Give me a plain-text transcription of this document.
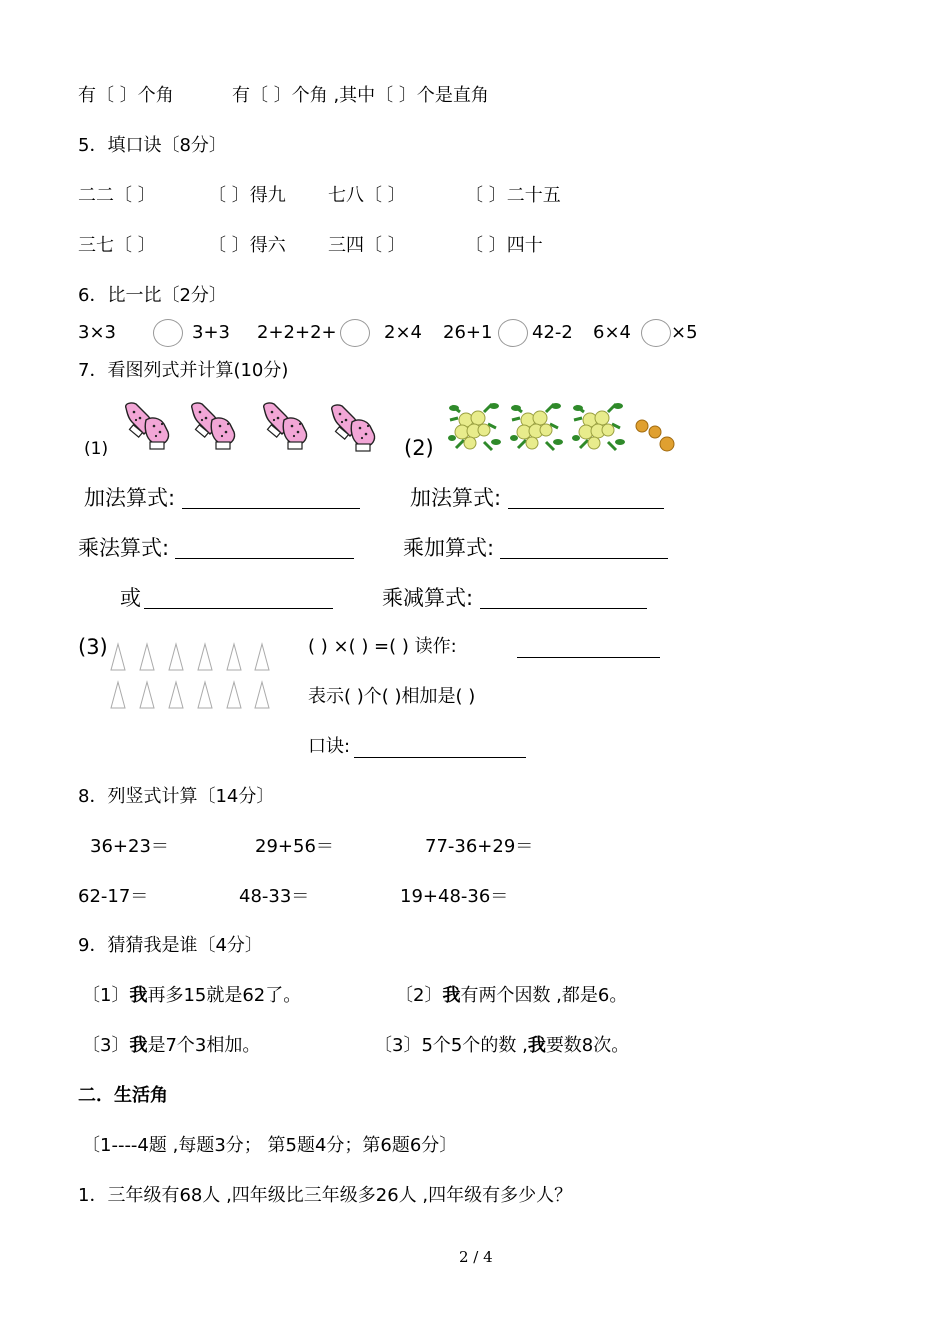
有〔 〕个角	有〔 〕个角 ,其中〔 〕个是直角
5．填口诀〔8分〕
二二〔 〕	〔 〕得九 七八〔 〕	〔 〕二十五
三七〔 〕	〔 〕得六 三四〔 〕	〔 〕四十
6．比一比〔2分〕
3×3	3+3 2+2+2+	2×4 26+1 42-2 6×4 ×5
7．看图列式并计算(10分)
(1)	(2)
加法算式:	加法算式:
乘法算式:	乘加算式:
或	乘减算式:
(3)	( ) ×( ) =( ) 读作:
表示( )个( )相加是( )
口诀:
8．列竖式计算〔14分〕
36+23＝	29+56＝	77-36+29＝
62-17＝	48-33＝	19+48-36＝
9．猜猜我是谁〔4分〕
〔1〕我再多15就是62了。	〔2〕我有两个因数 ,都是6。
〔3〕我是7个3相加。	〔3〕5个5个的数 ,我要数8次。
二．生活角
〔1----4题 ,每题3分； 第5题4分；第6题6分〕
1．三年级有68人 ,四年级比三年级多26人 ,四年级有多少人？
2 / 4
